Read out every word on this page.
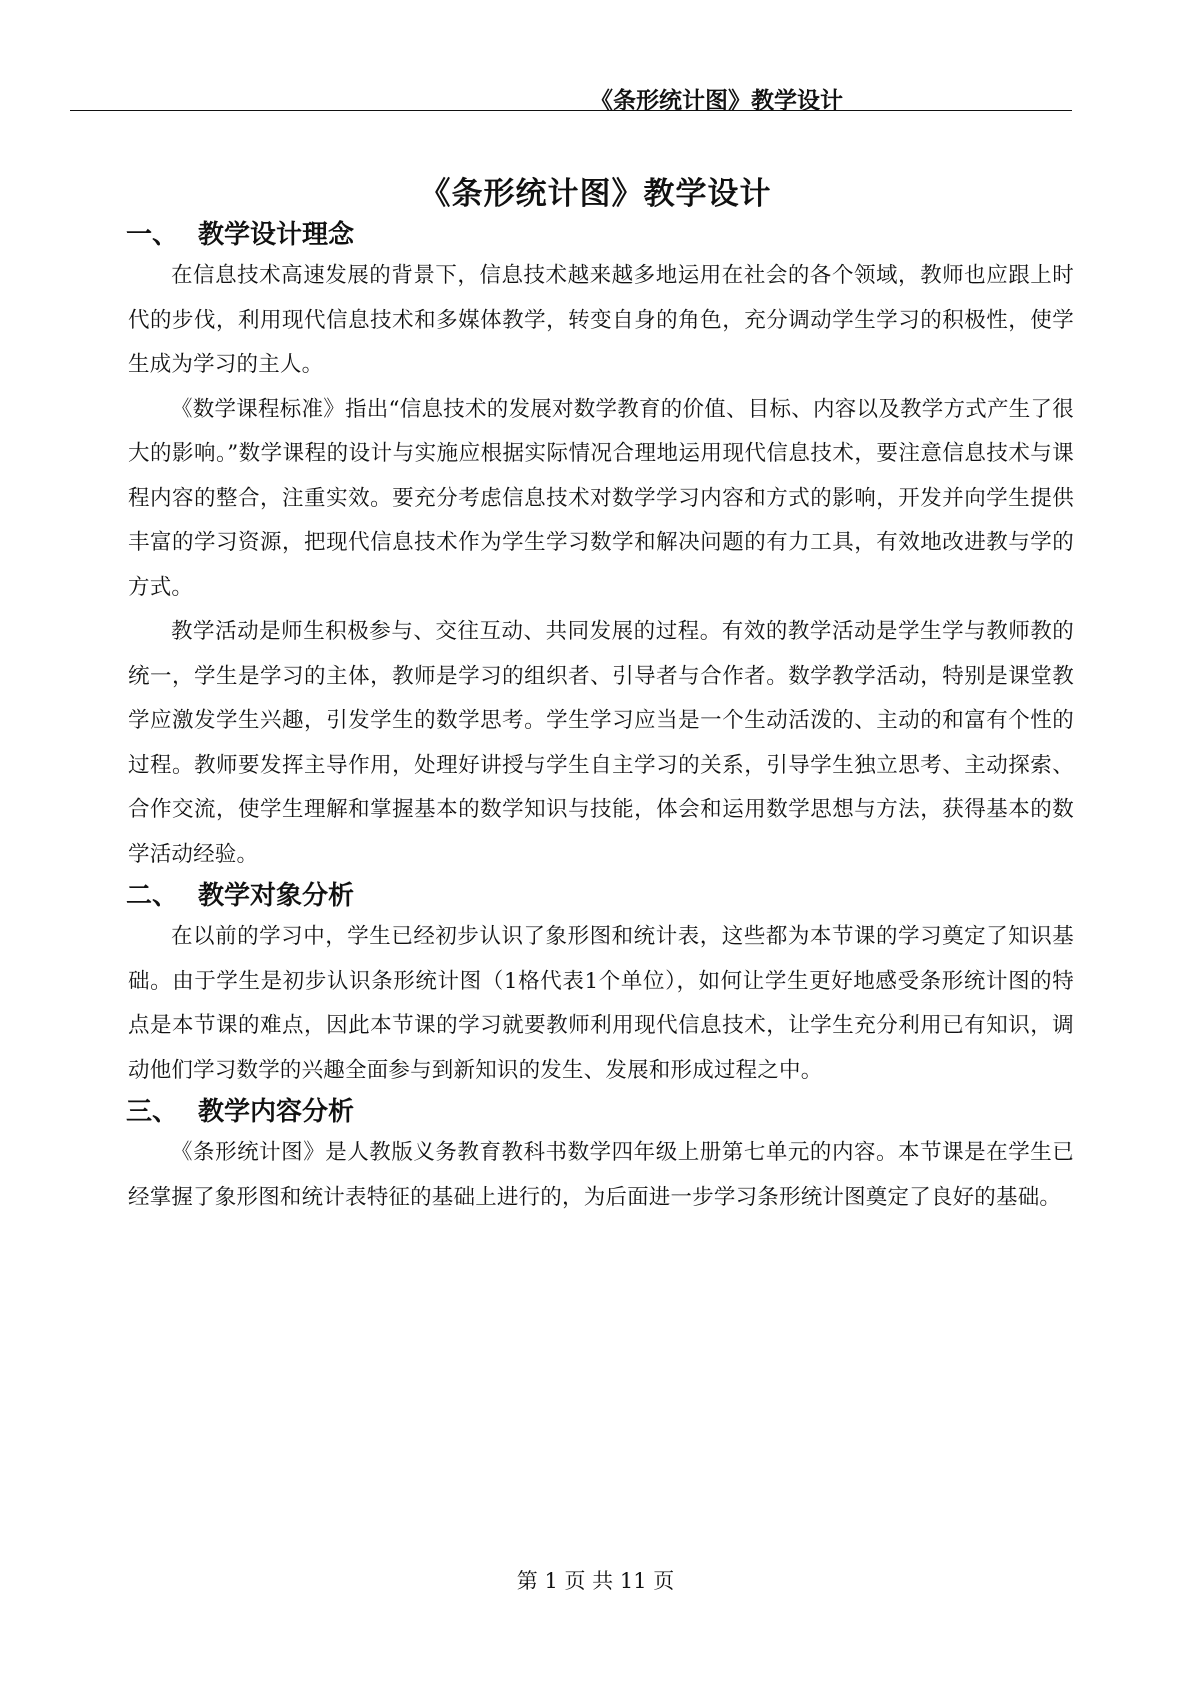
《条形统计图》教学设计
《条形统计图》教学设计
一、 教学设计理念

在信息技术高速发展的背景下，信息技术越来越多地运用在社会的各个领域，教师也应跟上时代的步伐，利用现代信息技术和多媒体教学，转变自身的角色，充分调动学生学习的积极性，使学生成为学习的主人。

《数学课程标准》指出“信息技术的发展对数学教育的价值、目标、内容以及教学方式产生了很大的影响。”数学课程的设计与实施应根据实际情况合理地运用现代信息技术，要注意信息技术与课程内容的整合，注重实效。要充分考虑信息技术对数学学习内容和方式的影响，开发并向学生提供丰富的学习资源，把现代信息技术作为学生学习数学和解决问题的有力工具，有效地改进教与学的方式。

教学活动是师生积极参与、交往互动、共同发展的过程。有效的教学活动是学生学与教师教的统一，学生是学习的主体，教师是学习的组织者、引导者与合作者。数学教学活动，特别是课堂教学应激发学生兴趣，引发学生的数学思考。学生学习应当是一个生动活泼的、主动的和富有个性的过程。教师要发挥主导作用，处理好讲授与学生自主学习的关系，引导学生独立思考、主动探索、合作交流，使学生理解和掌握基本的数学知识与技能，体会和运用数学思想与方法，获得基本的数学活动经验。

二、 教学对象分析

在以前的学习中，学生已经初步认识了象形图和统计表，这些都为本节课的学习奠定了知识基础。由于学生是初步认识条形统计图（1格代表1个单位），如何让学生更好地感受条形统计图的特点是本节课的难点，因此本节课的学习就要教师利用现代信息技术，让学生充分利用已有知识，调动他们学习数学的兴趣全面参与到新知识的发生、发展和形成过程之中。

三、 教学内容分析

《条形统计图》是人教版义务教育教科书数学四年级上册第七单元的内容。本节课是在学生已经掌握了象形图和统计表特征的基础上进行的，为后面进一步学习条形统计图奠定了良好的基础。

第 1 页 共 11 页
